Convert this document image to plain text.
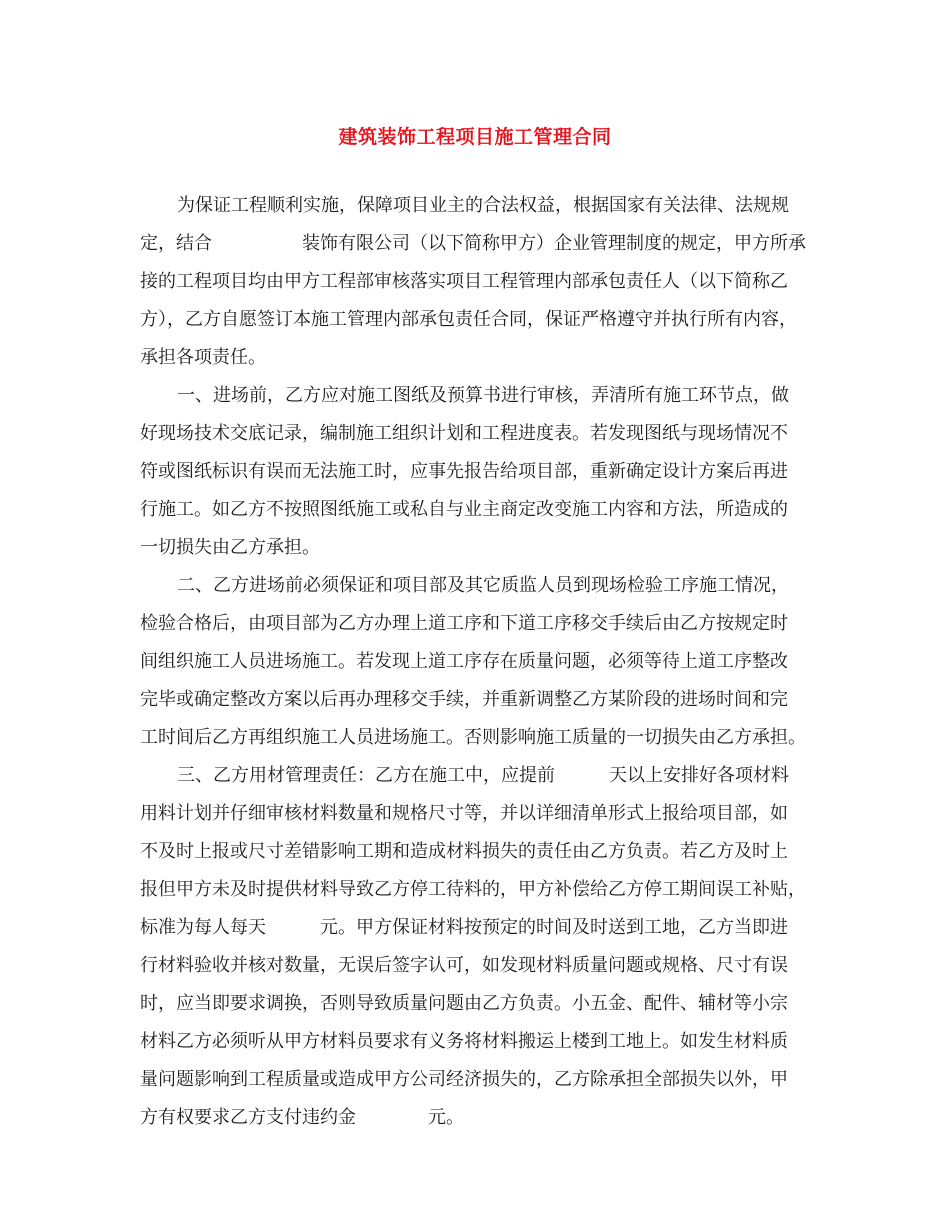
建筑装饰工程项目施工管理合同
为保证工程顺利实施，保障项目业主的合法权益，根据国家有关法律、法规规
定，结合　　　　　装饰有限公司（以下简称甲方）企业管理制度的规定，甲方所承
接的工程项目均由甲方工程部审核落实项目工程管理内部承包责任人（以下简称乙
方），乙方自愿签订本施工管理内部承包责任合同，保证严格遵守并执行所有内容，
承担各项责任。
一、进场前，乙方应对施工图纸及预算书进行审核，弄清所有施工环节点，做
好现场技术交底记录，编制施工组织计划和工程进度表。若发现图纸与现场情况不
符或图纸标识有误而无法施工时，应事先报告给项目部，重新确定设计方案后再进
行施工。如乙方不按照图纸施工或私自与业主商定改变施工内容和方法，所造成的
一切损失由乙方承担。
二、乙方进场前必须保证和项目部及其它质监人员到现场检验工序施工情况，
检验合格后，由项目部为乙方办理上道工序和下道工序移交手续后由乙方按规定时
间组织施工人员进场施工。若发现上道工序存在质量问题，必须等待上道工序整改
完毕或确定整改方案以后再办理移交手续，并重新调整乙方某阶段的进场时间和完
工时间后乙方再组织施工人员进场施工。否则影响施工质量的一切损失由乙方承担。
三、乙方用材管理责任：乙方在施工中，应提前　　　天以上安排好各项材料
用料计划并仔细审核材料数量和规格尺寸等，并以详细清单形式上报给项目部，如
不及时上报或尺寸差错影响工期和造成材料损失的责任由乙方负责。若乙方及时上
报但甲方未及时提供材料导致乙方停工待料的，甲方补偿给乙方停工期间误工补贴，
标准为每人每天　　　元。甲方保证材料按预定的时间及时送到工地，乙方当即进
行材料验收并核对数量，无误后签字认可，如发现材料质量问题或规格、尺寸有误
时，应当即要求调换，否则导致质量问题由乙方负责。小五金、配件、辅材等小宗
材料乙方必须听从甲方材料员要求有义务将材料搬运上楼到工地上。如发生材料质
量问题影响到工程质量或造成甲方公司经济损失的，乙方除承担全部损失以外，甲
方有权要求乙方支付违约金　　　　元。
